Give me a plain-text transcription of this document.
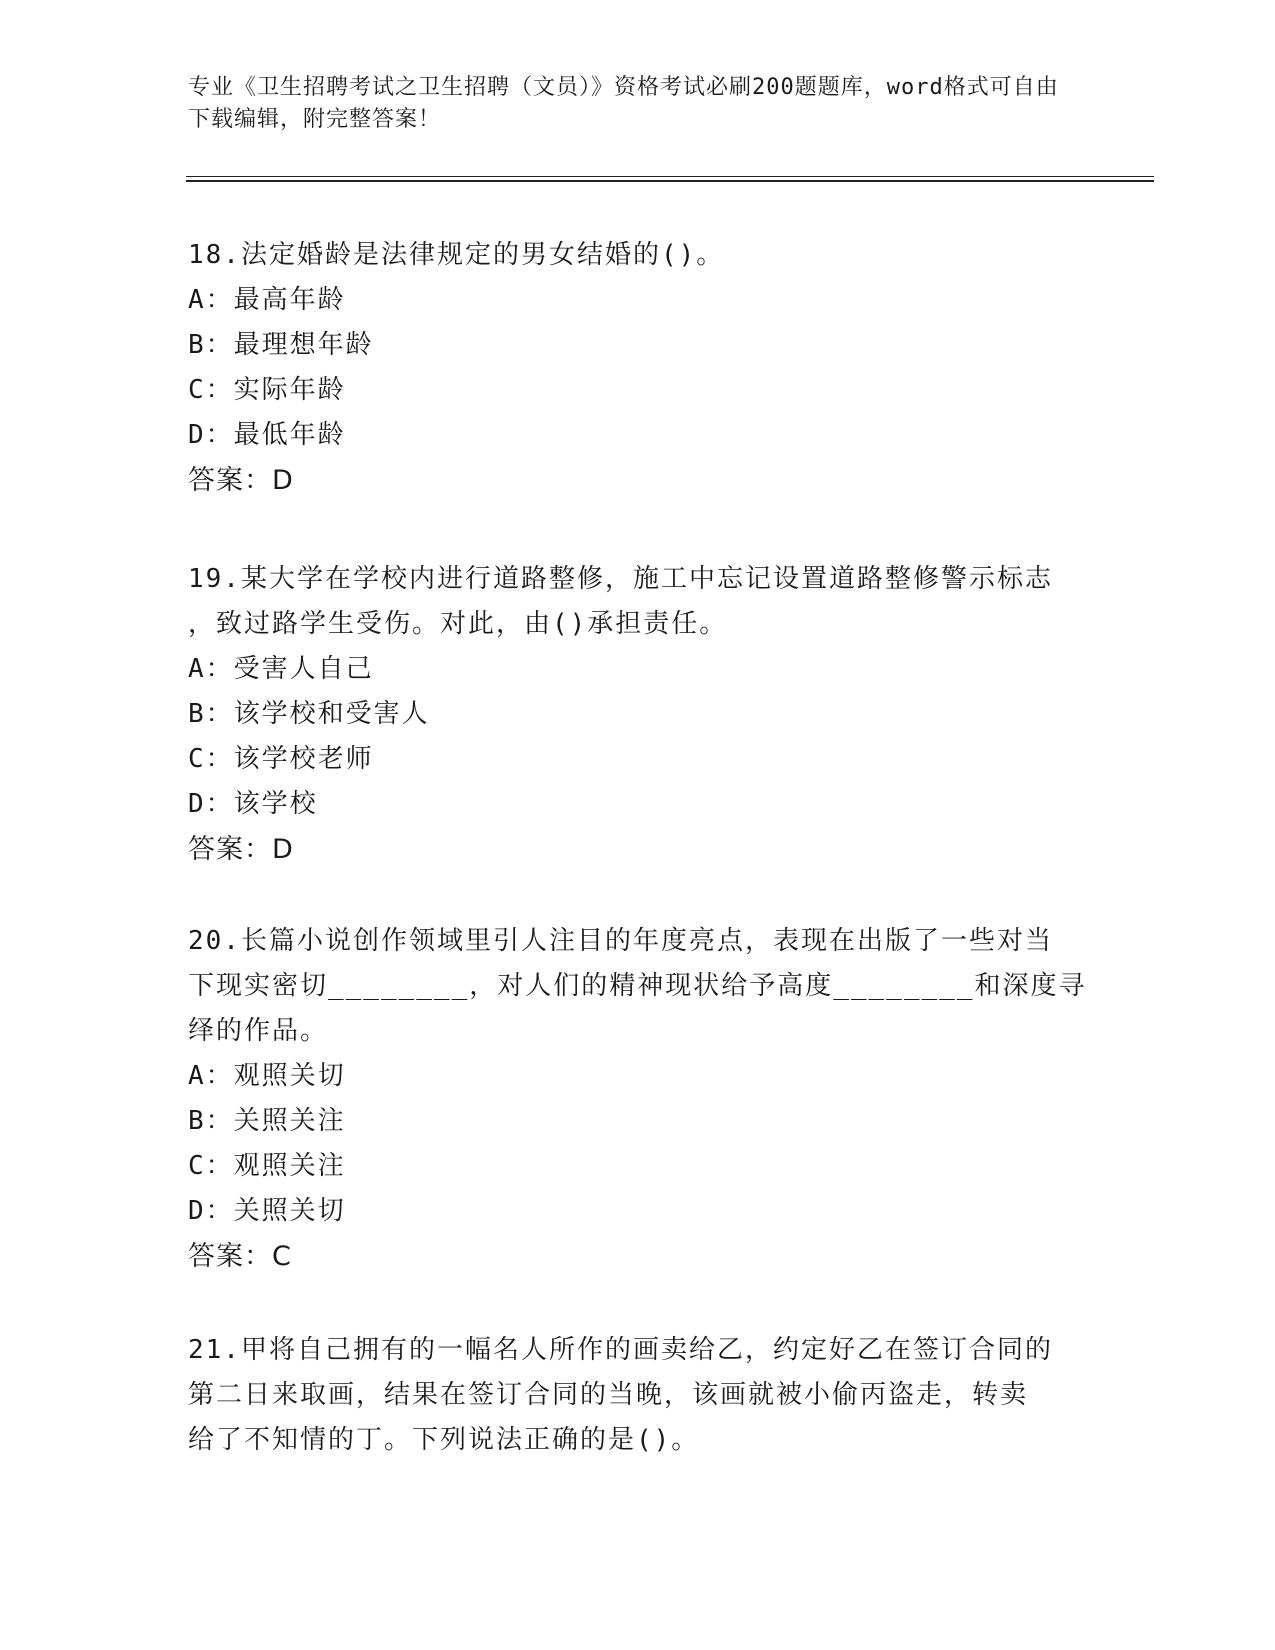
专业《卫生招聘考试之卫生招聘（文员）》资格考试必刷200题题库，word格式可自由下载编辑，附完整答案！
18.法定婚龄是法律规定的男女结婚的()。
A：最高年龄
B：最理想年龄
C：实际年龄
D：最低年龄
答案：D
19.某大学在学校内进行道路整修，施工中忘记设置道路整修警示标志
，致过路学生受伤。对此，由()承担责任。
A：受害人自己
B：该学校和受害人
C：该学校老师
D：该学校
答案：D
20.长篇小说创作领域里引人注目的年度亮点，表现在出版了一些对当
下现实密切________，对人们的精神现状给予高度________和深度寻
绎的作品。
A：观照关切
B：关照关注
C：观照关注
D：关照关切
答案：C
21.甲将自己拥有的一幅名人所作的画卖给乙，约定好乙在签订合同的
第二日来取画，结果在签订合同的当晚，该画就被小偷丙盗走，转卖
给了不知情的丁。下列说法正确的是()。
